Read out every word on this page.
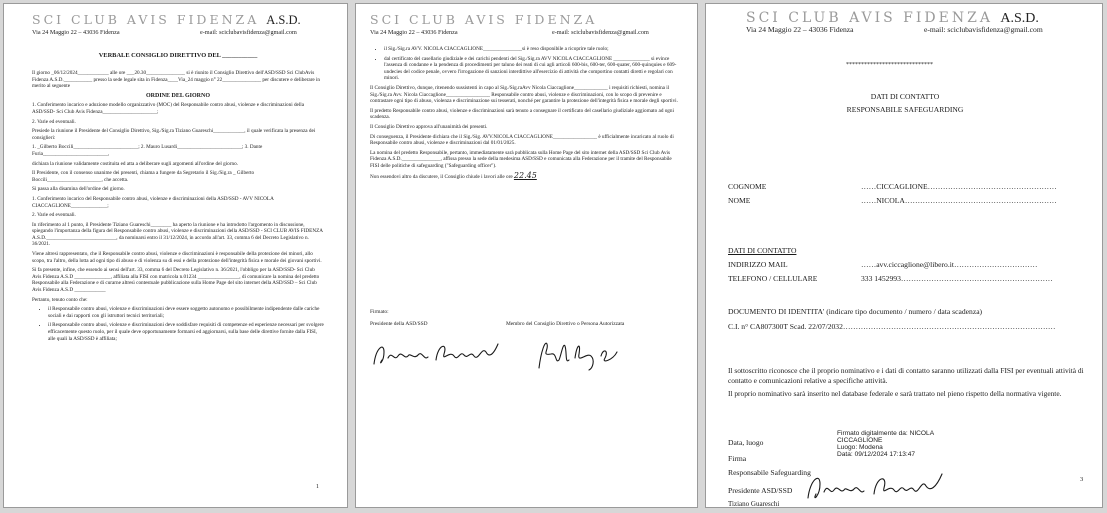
SCI CLUB AVIS FIDENZA A.S.D.
Via 24 Maggio 22 – 43036 Fidenza	e-mail: sciclubavisfidenza@gmail.com
VERBALE CONSIGLIO DIRETTIVO DEL ___________

Il giorno _06/12/2024____________ alle ore ___20.30_______________ si è riunito il Consiglio Direttivo dell'ASD/SSD Sci ClubAvis Fidenza A.S.D.___________ presso la sede legale sita in Fidenza____Via_24 maggio n° 22_______________ per discutere e deliberare in merito al seguente

ORDINE DEL GIORNO

1. Conferimento incarico e adozione modello organizzativo (MOC) del Responsabile contro abusi, violenze e discriminazioni della ASD/SSD- Sci Club Avis Fidenza_____________________;

2. Varie ed eventuali.

Presiede la riunione il Presidente del Consiglio Direttivo, Sig./Sig.ra Tiziano Guareschi____________, il quale verificata la presenza dei consiglieri:

1. _Gilberto Boccili_________________________; 2. Mauro Lusardi_________________________; 3. Dante Furia_________________________,

dichiara la riunione validamente costituita ed atta a deliberare sugli argomenti all'ordine del giorno.

Il Presidente, con il consenso unanime dei presenti, chiama a fungere da Segretario il Sig./Sig.ra _ Gilberto Boccili_____________________, che accetta.

Si passa alla disamina dell'ordine del giorno.

1. Conferimento incarico del Responsabile contro abusi, violenze e discriminazioni della ASD/SSD - AVV NICOLA CIACCAGLIONE______________;

2. Varie ed eventuali.

In riferimento al 1 punto, il Presidente Tiziano Guareschi________ ha aperto la riunione e ha introdotto l'argomento in discussione, spiegando l'importanza della figura del Responsabile contro abusi, violenze e discriminazioni della ASD/SSD - SCI CLUB AVIS FIDENZA A.S.D.___________________________, da nominarsi entro il 31/12/2024, in accordo all'art. 33, comma 6 del Decreto Legislativo n. 36/2021.

Viene altresì rappresentato, che il Responsabile contro abusi, violenze e discriminazioni è responsabile della protezione dei minori, allo scopo, tra l'altro, della lotta ad ogni tipo di abuso e di violenza su di essi e della protezione dell'integrità fisica e morale dei giovani sportivi.

Si fa presente, infine, che essendo ai sensi dell'art. 33, comma 6 del Decreto Legislativo n. 36/2021, l'obbligo per la ASD/SSD- Sci Club Avis Fidenza A.S.D ______________, affiliata alla FISI con matricola n.01234 ________________, di comunicare la nomina del predetto Responsabile alla Federazione e di curarne altresì contestuale pubblicazione sulla Home Page del sito internet della ASD/SSD – Sci Club Avis Fidenza A.S.D ____________

Pertanto, tenuto conto che:

• il Responsabile contro abusi, violenze e discriminazioni deve essere soggetto autonomo e possibilmente indipendente dalle cariche sociali e dai rapporti con gli istruttori tecnici territoriali;
• il Responsabile contro abusi, violenze e discriminazioni deve soddisfare requisiti di competenze ed esperienze necessari per svolgere efficacemente questo ruolo, per il quale deve opportunamente formarsi ed aggiornarsi, sulla base delle direttive fornite dalla FISI, alle quali la ASD/SSD è affiliata;
1
SCI CLUB AVIS FIDENZA
Via 24 Maggio 22 – 43036 Fidenza	e-mail: sciclubavisfidenza@gmail.com
• il Sig./Sig.ra AVV. NICOLA CIACCAGLIONE_______________si è reso disponibile a ricoprire tale ruolo;
• dal certificato del casellario giudiziale e dei carichi pendenti del Sig./Sig.ra AVV NICOLA CIACCAGLIONE ______________ si evince l'assenza di condanne e la pendenza di procedimenti per taluno dei reati di cui agli articoli 600-bis, 600-ter, 600-quater, 600-quinquies e 609-undecies del codice penale, ovvero l'irrogazione di sanzioni interdittive all'esercizio di attività che comportino contatti diretti e regolari con minori.

Il Consiglio Direttivo, dunque, ritenendo sussistenti in capo al Sig./Sig.raAvv Nicola Ciaccaglione_____________ i requisiti richiesti, nomina il Sig./Sig.ra Avv. Nicola Ciaccaglione_________________ Responsabile contro abusi, violenze e discriminazioni, con lo scopo di prevenire e contrastare ogni tipo di abuso, violenza e discriminazione sui tesserati, nonché per garantire la protezione dell'integrità fisica e morale degli sportivi.

Il predetto Responsabile contro abusi, violenze e discriminazioni sarà tenuto a consegnare il certificato del casellario giudiziale aggiornato ad ogni scadenza.

Il Consiglio Direttivo approva all'unanimità dei presenti.

Di conseguenza, il Presidente dichiara che il Sig./Sig. AVV.NICOLA CIACCAGLIONE_________________ è ufficialmente incaricato al ruolo di Responsabile contro abusi, violenze e discriminazioni dal 01/01/2025.

La nomina del predetto Responsabile, pertanto, immediatamente sarà pubblicata sulla Home Page del sito internet della ASD/SSD Sci Club Avis Fidenza A.S.D._______________, affissa presso la sede della medesima ASD/SSD e comunicata alla Federazione per il tramite del Responsabile FISI delle politiche di safeguarding ("Safeguarding officer").

Non essendovi altro da discutere, il Consiglio chiude i lavori alle ore 22.45

Firmato:
Presidente della ASD/SSD	Membro del Consiglio Direttivo o Persona Autorizzata
SCI CLUB AVIS FIDENZA A.S.D.
Via 24 Maggio 22 – 43036 Fidenza	e-mail: sciclubavisfidenza@gmail.com
*****************************
DATI DI CONTATTO
RESPONSABILE SAFEGUARDING
COGNOME	……CICCAGLIONE……………………………………………
NOME	……NICOLA……………………………………………………
DATI DI CONTATTO
INDIRIZZO MAIL	……avv.ciccaglione@libero.it……………………………
TELEFONO / CELLULARE	333 1452993……………………………………………………
DOCUMENTO DI IDENTITA' (indicare tipo documento / numero / data scadenza)
C.I. n° CA807300T Scad. 22/07/2032…………………………………………………………………………
Il sottoscritto riconosce che il proprio nominativo e i dati di contatto saranno utilizzati dalla FISI per eventuali attività di contatto e comunicazioni relative a specifiche attività.
Il proprio nominativo sarà inserito nel database federale e sarà trattato nel pieno rispetto della normativa vigente.
Data, luogo
Firma
Responsabile Safeguarding
Firmato digitalmente da: NICOLA
CICCAGLIONE
Luogo: Modena
Data: 09/12/2024 17:13:47
Presidente ASD/SSD
Tiziano Guareschi
3
